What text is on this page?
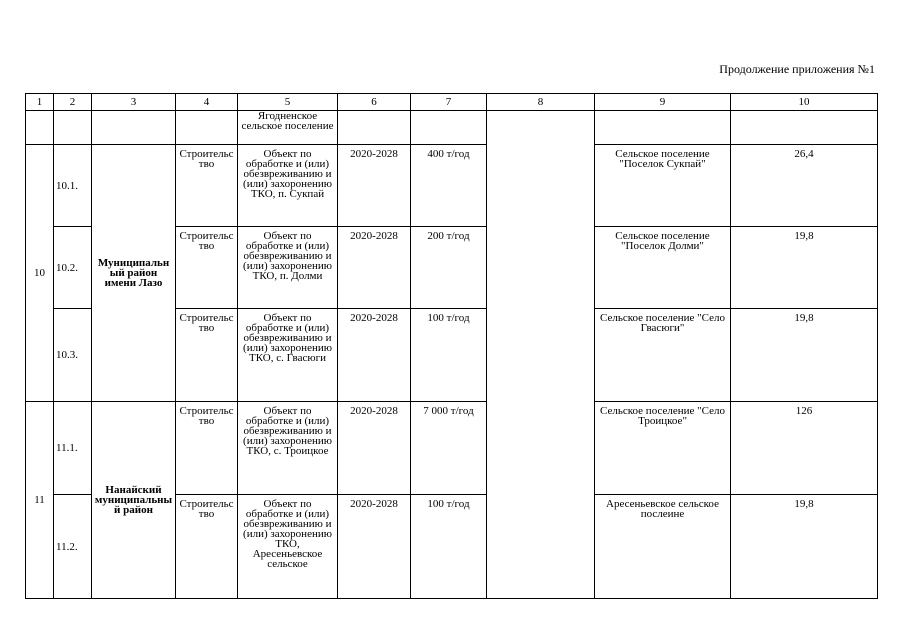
Продолжение приложения №1
1	2	3	4	5	6	7	8	9	10
				Ягодненское сельское поселение					
10	10.1.	Муниципальный район имени Лазо	Строительство	Объект по обработке и (или) обезвреживанию и (или) захоронению ТКО, п. Сукпай	2020-2028	400 т/год		Сельское поселение "Поселок Сукпай"	26,4
	10.2.		Строительство	Объект по обработке и (или) обезвреживанию и (или) захоронению ТКО, п. Долми	2020-2028	200 т/год		Сельское поселение "Поселок Долми"	19,8
	10.3.		Строительство	Объект по обработке и (или) обезвреживанию и (или) захоронению ТКО, с. Гвасюги	2020-2028	100 т/год		Сельское поселение "Село Гвасюги"	19,8
11	11.1.	Нанайский муниципальный район	Строительство	Объект по обработке и (или) обезвреживанию и (или) захоронению ТКО, с. Троицкое	2020-2028	7 000 т/год		Сельское поселение "Село Троицкое"	126
	11.2.		Строительство	Объект по обработке и (или) обезвреживанию и (или) захоронению ТКО, Аресеньевское сельское	2020-2028	100 т/год		Аресеньевское сельское послеине	19,8
